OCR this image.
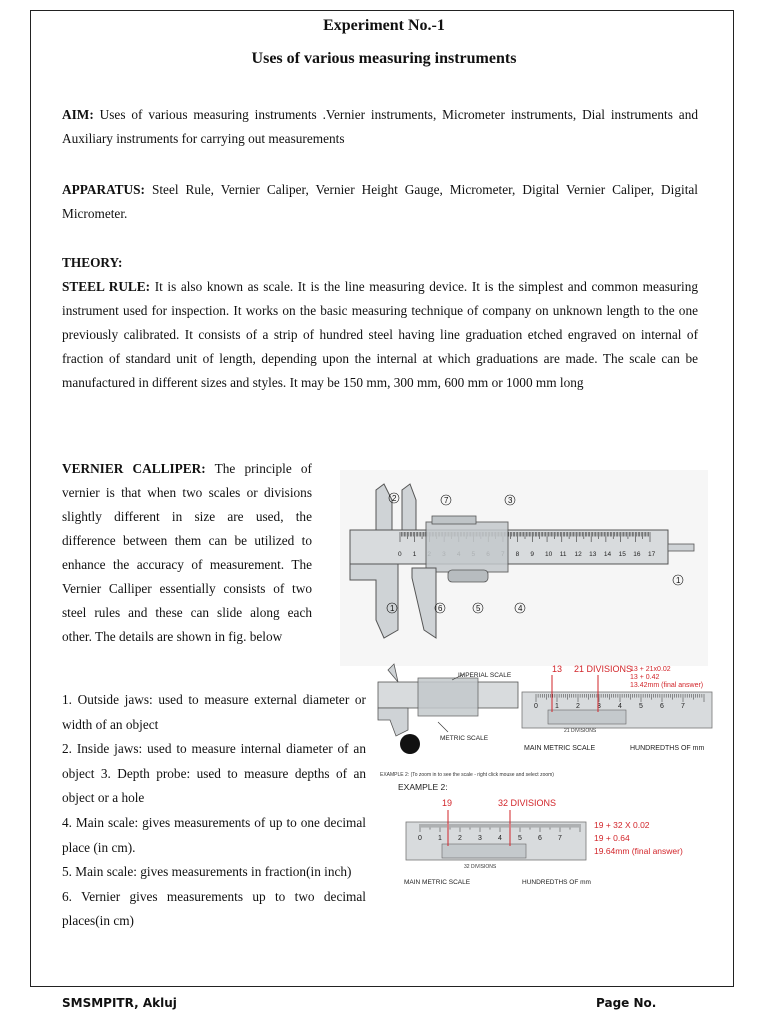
Experiment No.-1
Uses of various measuring instruments
AIM: Uses of various measuring instruments .Vernier instruments, Micrometer instruments, Dial instruments and Auxiliary instruments for carrying out measurements
APPARATUS: Steel Rule, Vernier Caliper, Vernier Height Gauge, Micrometer, Digital Vernier Caliper, Digital Micrometer.
THEORY:
STEEL RULE: It is also known as scale. It is the line measuring device. It is the simplest and common measuring instrument used for inspection. It works on the basic measuring technique of company on unknown length to the one previously calibrated. It consists of a strip of hundred steel having line graduation etched engraved on internal of fraction of standard unit of length, depending upon the internal at which graduations are made. The scale can be manufactured in different sizes and styles. It may be 150 mm, 300 mm, 600 mm or 1000 mm long
VERNIER CALLIPER: The principle of vernier is that when two scales or divisions slightly different in size are used, the difference between them can be utilized to enhance the accuracy of measurement. The Vernier Calliper essentially consists of two steel rules and these can slide along each other. The details are shown in fig. below
1. Outside jaws: used to measure external diameter or width of an object
2. Inside jaws: used to measure internal diameter of an object 3. Depth probe: used to measure depths of an object or a hole
4. Main scale: gives measurements of up to one decimal place (in cm).
5. Main scale: gives measurements in fraction(in inch)
6. Vernier gives measurements up to two decimal places(in cm)
0 1	8 9 10 11 12 13 14 15 16 17
2	7	3
1
1	6	5	4
IMPERIAL SCALE
METRIC SCALE
13 21 DIVISIONS
13 + 21x0.02
13 + 0.42
13.42mm (final answer)
21 DIVISIONS
0 1 2 3 4 5 6 7
MAIN METRIC SCALE	HUNDREDTHS OF mm
EXAMPLE 2: (To zoom in to see the scale - right click mouse and select zoom)
EXAMPLE 2:
19	32 DIVISIONS
19 + 32 X 0.02
19 + 0.64
19.64mm (final answer)
32 DIVISIONS
0 1 2 3 4 5 6 7
MAIN METRIC SCALE	HUNDREDTHS OF mm
SMSMPITR, Akluj	Page No.
